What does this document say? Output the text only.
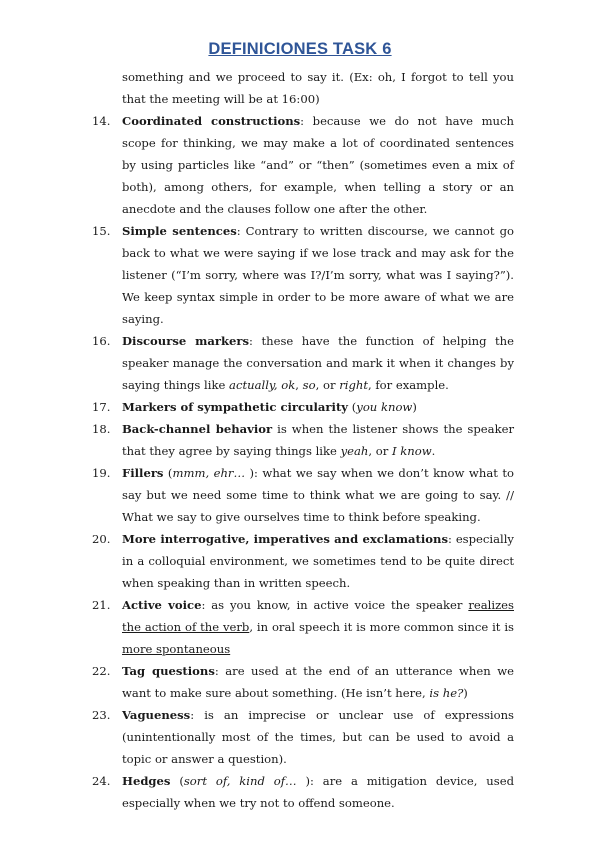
DEFINICIONES TASK 6

something and we proceed to say it. (Ex: oh, I forgot to tell you that the meeting will be at 16:00)

14. Coordinated constructions: because we do not have much scope for thinking, we may make a lot of coordinated sentences by using particles like “and” or “then” (sometimes even a mix of both), among others, for example, when telling a story or an anecdote and the clauses follow one after the other.

15. Simple sentences: Contrary to written discourse, we cannot go back to what we were saying if we lose track and may ask for the listener (“I’m sorry, where was I?/I’m sorry, what was I saying?”). We keep syntax simple in order to be more aware of what we are saying.

16. Discourse markers: these have the function of helping the speaker manage the conversation and mark it when it changes by saying things like actually, ok, so, or right, for example.

17. Markers of sympathetic circularity (you know)

18. Back-channel behavior is when the listener shows the speaker that they agree by saying things like yeah, or I know.

19. Fillers (mmm, ehr… ): what we say when we don’t know what to say but we need some time to think what we are going to say. // What we say to give ourselves time to think before speaking.

20. More interrogative, imperatives and exclamations: especially in a colloquial environment, we sometimes tend to be quite direct when speaking than in written speech.

21. Active voice: as you know, in active voice the speaker realizes the action of the verb, in oral speech it is more common since it is more spontaneous

22. Tag questions: are used at the end of an utterance when we want to make sure about something. (He isn’t here, is he?)

23. Vagueness: is an imprecise or unclear use of expressions (unintentionally most of the times, but can be used to avoid a topic or answer a question).

24. Hedges (sort of, kind of… ): are a mitigation device, used especially when we try not to offend someone.
